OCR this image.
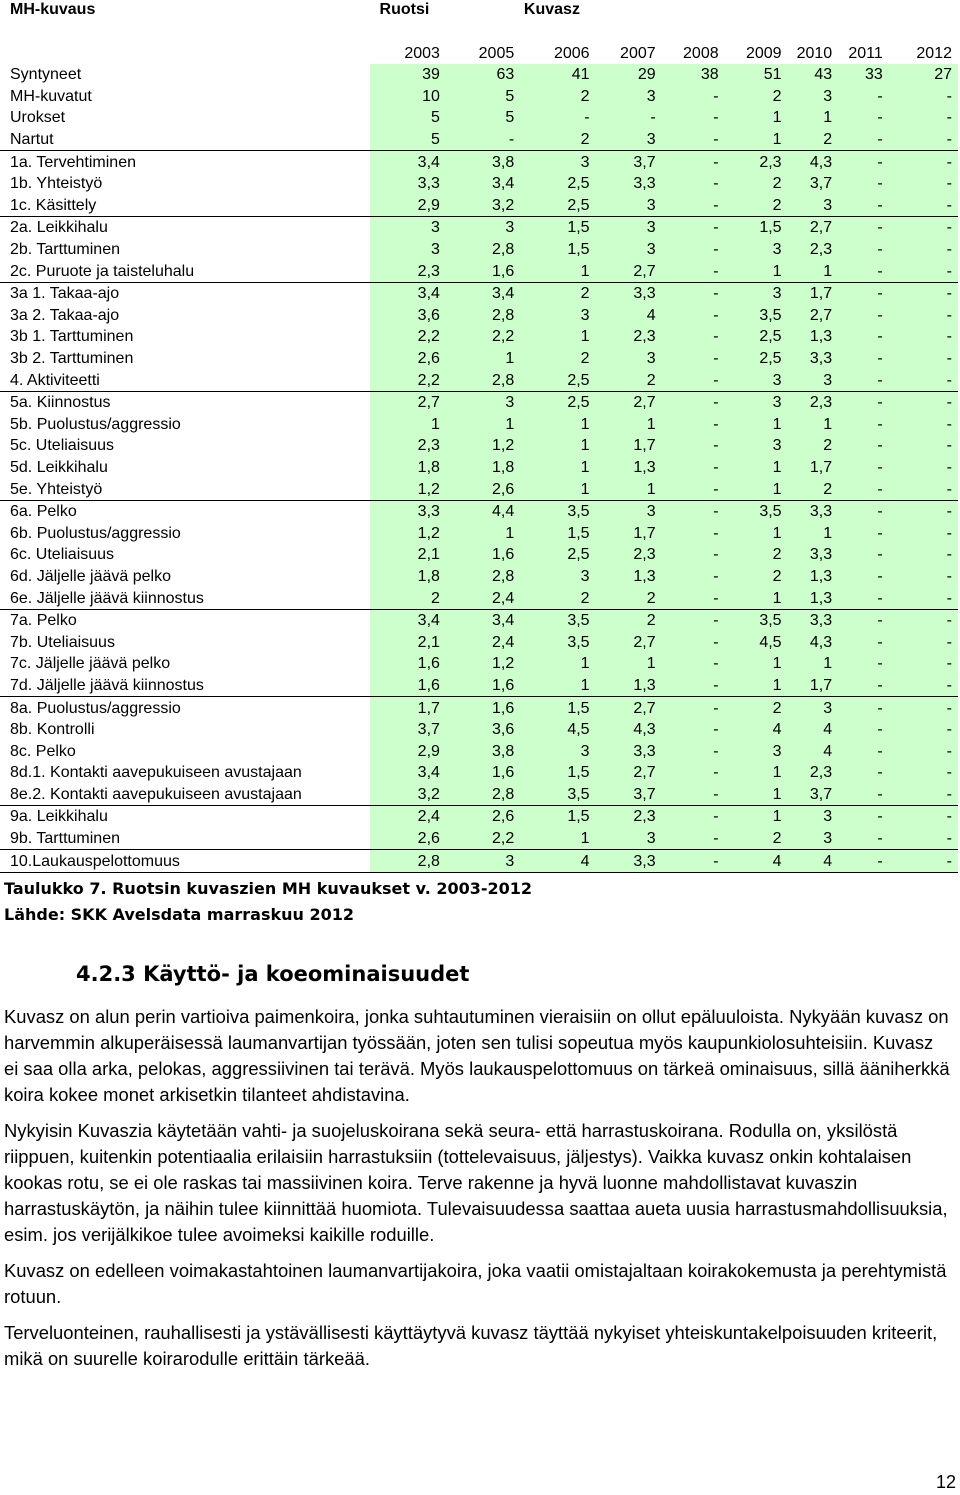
MH-kuvaus	Ruotsi	Kuvasz							

	2003	2005	2006	2007	2008	2009	2010	2011	2012
Syntyneet	39	63	41	29	38	51	43	33	27
MH-kuvatut	10	5	2	3	-	2	3	-	-
Urokset	5	5	-	-	-	1	1	-	-
Nartut	5	-	2	3	-	1	2	-	-
1a. Tervehtiminen	3,4	3,8	3	3,7	-	2,3	4,3	-	-
1b. Yhteistyö	3,3	3,4	2,5	3,3	-	2	3,7	-	-
1c. Käsittely	2,9	3,2	2,5	3	-	2	3	-	-
2a. Leikkihalu	3	3	1,5	3	-	1,5	2,7	-	-
2b. Tarttuminen	3	2,8	1,5	3	-	3	2,3	-	-
2c. Puruote ja taisteluhalu	2,3	1,6	1	2,7	-	1	1	-	-
3a 1. Takaa-ajo	3,4	3,4	2	3,3	-	3	1,7	-	-
3a 2. Takaa-ajo	3,6	2,8	3	4	-	3,5	2,7	-	-
3b 1. Tarttuminen	2,2	2,2	1	2,3	-	2,5	1,3	-	-
3b 2. Tarttuminen	2,6	1	2	3	-	2,5	3,3	-	-
4. Aktiviteetti	2,2	2,8	2,5	2	-	3	3	-	-
5a. Kiinnostus	2,7	3	2,5	2,7	-	3	2,3	-	-
5b. Puolustus/aggressio	1	1	1	1	-	1	1	-	-
5c. Uteliaisuus	2,3	1,2	1	1,7	-	3	2	-	-
5d. Leikkihalu	1,8	1,8	1	1,3	-	1	1,7	-	-
5e. Yhteistyö	1,2	2,6	1	1	-	1	2	-	-
6a. Pelko	3,3	4,4	3,5	3	-	3,5	3,3	-	-
6b. Puolustus/aggressio	1,2	1	1,5	1,7	-	1	1	-	-
6c. Uteliaisuus	2,1	1,6	2,5	2,3	-	2	3,3	-	-
6d. Jäljelle jäävä pelko	1,8	2,8	3	1,3	-	2	1,3	-	-
6e. Jäljelle jäävä kiinnostus	2	2,4	2	2	-	1	1,3	-	-
7a. Pelko	3,4	3,4	3,5	2	-	3,5	3,3	-	-
7b. Uteliaisuus	2,1	2,4	3,5	2,7	-	4,5	4,3	-	-
7c. Jäljelle jäävä pelko	1,6	1,2	1	1	-	1	1	-	-
7d. Jäljelle jäävä kiinnostus	1,6	1,6	1	1,3	-	1	1,7	-	-
8a. Puolustus/aggressio	1,7	1,6	1,5	2,7	-	2	3	-	-
8b. Kontrolli	3,7	3,6	4,5	4,3	-	4	4	-	-
8c. Pelko	2,9	3,8	3	3,3	-	3	4	-	-
8d.1. Kontakti aavepukuiseen avustajaan	3,4	1,6	1,5	2,7	-	1	2,3	-	-
8e.2. Kontakti aavepukuiseen avustajaan	3,2	2,8	3,5	3,7	-	1	3,7	-	-
9a. Leikkihalu	2,4	2,6	1,5	2,3	-	1	3	-	-
9b. Tarttuminen	2,6	2,2	1	3	-	2	3	-	-
10.Laukauspelottomuus	2,8	3	4	3,3	-	4	4	-	-
Taulukko 7. Ruotsin kuvaszien MH kuvaukset v. 2003-2012
Lähde: SKK Avelsdata marraskuu 2012
4.2.3 Käyttö- ja koeominaisuudet

Kuvasz on alun perin vartioiva paimenkoira, jonka suhtautuminen vieraisiin on ollut epäluuloista. Nykyään kuvasz on harvemmin alkuperäisessä laumanvartijan työssään, joten sen tulisi sopeutua myös kaupunkiolosuhteisiin. Kuvasz ei saa olla arka, pelokas, aggressiivinen tai terävä. Myös laukauspelottomuus on tärkeä ominaisuus, sillä ääniherkkä koira kokee monet arkisetkin tilanteet ahdistavina.

Nykyisin Kuvaszia käytetään vahti- ja suojeluskoirana sekä seura- että harrastuskoirana. Rodulla on, yksilöstä riippuen, kuitenkin potentiaalia erilaisiin harrastuksiin (tottelevaisuus, jäljestys). Vaikka kuvasz onkin kohtalaisen kookas rotu, se ei ole raskas tai massiivinen koira. Terve rakenne ja hyvä luonne mahdollistavat kuvaszin harrastuskäytön, ja näihin tulee kiinnittää huomiota. Tulevaisuudessa saattaa aueta uusia harrastusmahdollisuuksia, esim. jos verijälkikoe tulee avoimeksi kaikille roduille.

Kuvasz on edelleen voimakastahtoinen laumanvartijakoira, joka vaatii omistajaltaan koirakokemusta ja perehtymistä rotuun.

Terveluonteinen, rauhallisesti ja ystävällisesti käyttäytyvä kuvasz täyttää nykyiset yhteiskuntakelpoisuuden kriteerit, mikä on suurelle koirarodulle erittäin tärkeää.

12
